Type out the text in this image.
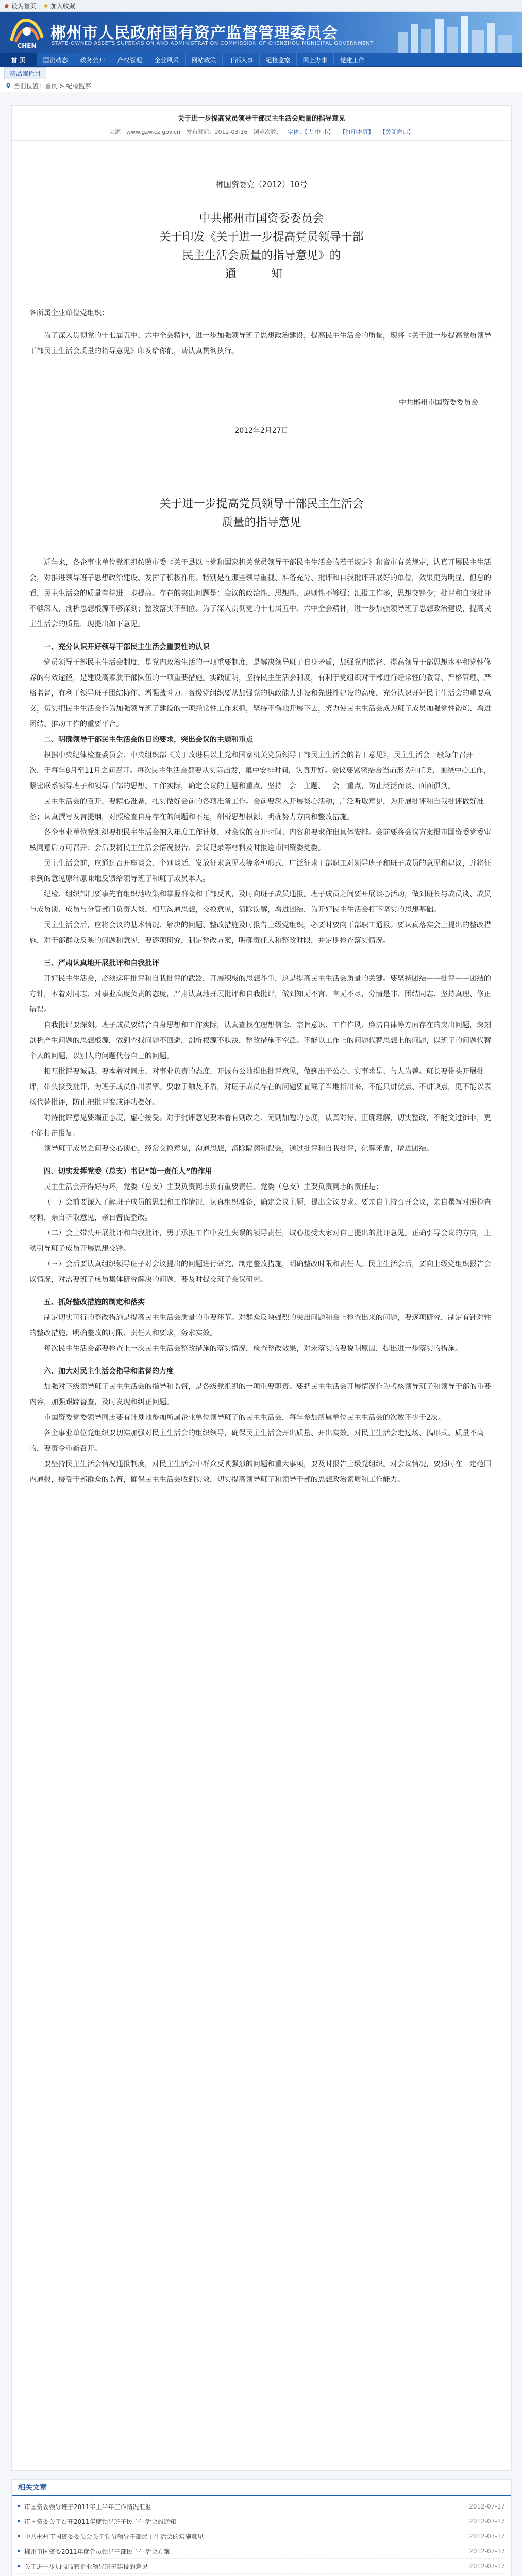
设为首页 加入收藏
CHEN
郴州市人民政府国有资产监督管理委员会
STATE-OWNED ASSETS SUPERVISION AND ADMINISTRATION COMMISSION OF CHENZHOU MUNICIPAL GOVERNMENT
首 页	国资动态	政务公开	产权管理	企业风采	网站政策	干部人事	纪检监察	网上办事	党建工作
精品案栏目
当前位置：首页 > 纪检监察
关于进一步提高党员领导干部民主生活会质量的指导意见
来源：www.gzw.cz.gov.cn 发布时间：2012-03-16 浏览次数： 字体：【大 中 小】 【打印本页】 【关闭窗口】
郴国资委党（2012）10号
中共郴州市国资委委员会
关于印发《关于进一步提高党员领导干部
民主生活会质量的指导意见》的
通 知

各所属企业单位党组织：

为了深入贯彻党的十七届五中、六中全会精神，进一步加强领导班子思想政治建设，提高民主生活会的质量，现将《关于进一步提高党员领导干部民主生活会质量的指导意见》印发给你们，请认真贯彻执行。

中共郴州市国资委委员会
2012年2月27日
关于进一步提高党员领导干部民主生活会
质量的指导意见

近年来，各企事业单位党组织按照市委《关于县以上党和国家机关党员领导干部民主生活会的若干规定》和省市有关规定，认真开展民主生活会，对推进领导班子思想政治建设、发挥了积极作用。特别是在那些领导重视、准备充分、批评和自我批评开展好的单位，效果更为明显，但总的看，民主生活会的质量有待进一步提高。存在的突出问题是：会议的政治性、思想性、原则性不够强；汇报工作多，思想交锋少；批评和自我批评不够深入，剖析思想根源不够深刻；整改落实不到位。为了深入贯彻党的十七届五中、六中全会精神，进一步加强领导班子思想政治建设，提高民主生活会的质量，现提出如下意见。

一、充分认识开好领导干部民主生活会重要性的认识

党员领导干部民主生活会制度，是党内政治生活的一项重要制度，是解决领导班子自身矛盾，加强党内监督、提高领导干部思想水平和党性修养的有效途径，是建设高素质干部队伍的一项重要措施。实践证明，坚持民主生活会制度，有利于党组织对干部进行经常性的教育、严格管理、严格监督，有利于领导班子团结协作、增强战斗力。各级党组织要从加强党的执政能力建设和先进性建设的高度，充分认识开好民主生活会的重要意义，切实把民主生活会作为加强领导班子建设的一项经常性工作来抓，坚持不懈地开展下去，努力使民主生活会成为班子成员加强党性锻炼、增进团结、推动工作的重要平台。

二、明确领导干部民主生活会的目的要求，突出会议的主题和重点

根据中央纪律检查委员会、中央组织部《关于改进县以上党和国家机关党员领导干部民主生活会的若干意见》，民主生活会一般每年召开一次，于每年8月至11月之间召开。每次民主生活会都要从实际出发，集中安排时间，认真开好。会议要紧密结合当前形势和任务，围绕中心工作，紧密联系领导班子和领导干部的思想、工作实际，确定会议的主题和重点，坚持一会一主题、一会一重点，防止泛泛而谈、面面俱到。

民主生活会的召开，要精心准备，扎实做好会前的各项准备工作。会前要深入开展谈心活动，广泛听取意见，为开展批评和自我批评做好准备；认真撰写发言提纲，对照检查自身存在的问题和不足，剖析思想根源，明确努力方向和整改措施。

各企事业单位党组织要把民主生活会纳入年度工作计划，对会议的召开时间、内容和要求作出具体安排。会前要将会议方案报市国资委党委审核同意后方可召开；会后要将民主生活会情况报告、会议记录等材料及时报送市国资委党委。

民主生活会前，应通过召开座谈会、个别谈话、发放征求意见表等多种形式，广泛征求干部职工对领导班子和班子成员的意见和建议，并将征求到的意见原汁原味地反馈给领导班子和班子成员本人。

纪检、组织部门要事先有组织地收集和掌握群众和干部反映，及时向班子成员通报。班子成员之间要开展谈心活动，做到班长与成员谈、成员与成员谈、成员与分管部门负责人谈，相互沟通思想，交换意见，消除误解，增进团结，为开好民主生活会打下坚实的思想基础。

民主生活会后，应将会议的基本情况、解决的问题、整改措施及时报告上级党组织，必要时要向干部职工通报。要认真落实会上提出的整改措施，对干部群众反映的问题和意见，要逐项研究，制定整改方案，明确责任人和整改时限，并定期检查落实情况。

三、严肃认真地开展批评和自我批评

开好民主生活会，必须运用批评和自我批评的武器，开展积极的思想斗争，这是提高民主生活会质量的关键。要坚持团结——批评——团结的方针，本着对同志、对事业高度负责的态度，严肃认真地开展批评和自我批评，做到知无不言、言无不尽，分清是非、团结同志、坚持真理、修正错误。

自我批评要深刻。班子成员要结合自身思想和工作实际，认真查找在理想信念、宗旨意识、工作作风、廉洁自律等方面存在的突出问题，深刻剖析产生问题的思想根源，做到查找问题不回避，剖析根源不肤浅，整改措施不空泛。不能以工作上的问题代替思想上的问题，以班子的问题代替个人的问题，以别人的问题代替自己的问题。

相互批评要诚恳。要本着对同志、对事业负责的态度，开诚布公地提出批评意见，做到出于公心、实事求是、与人为善。班长要带头开展批评，带头接受批评，为班子成员作出表率。要敢于触及矛盾，对班子成员存在的问题要直截了当地指出来，不能只讲优点、不讲缺点，更不能以表扬代替批评，防止把批评变成评功摆好。

对待批评意见要端正态度，虚心接受。对于批评意见要本着有则改之、无则加勉的态度，认真对待，正确理解，切实整改，不能文过饰非，更不能打击报复。

领导班子成员之间要交心谈心，经常交换意见，沟通思想，消除隔阂和误会，通过批评和自我批评，化解矛盾，增进团结。

四、切实发挥党委（总支）书记“第一责任人”的作用

民主生活会开得好与坏，党委（总支）主要负责同志负有重要责任。党委（总支）主要负责同志的责任是：

（一）会前要深入了解班子成员的思想和工作情况，认真组织准备，确定会议主题，提出会议要求。要亲自主持召开会议，亲自撰写对照检查材料，亲自听取意见，亲自督促整改。

（二）会上带头开展批评和自我批评，勇于承担工作中发生失误的领导责任，诚心接受大家对自己提出的批评意见。正确引导会议的方向，主动引导班子成员开展思想交锋。

（三）会后要认真组织领导班子对会议提出的问题进行研究，制定整改措施，明确整改时限和责任人。民主生活会后，要向上级党组织报告会议情况，对需要班子成员集体研究解决的问题，要及时提交班子会议研究。

五、抓好整改措施的制定和落实

制定切实可行的整改措施是提高民主生活会质量的重要环节。对群众反映强烈的突出问题和会上检查出来的问题，要逐项研究，制定有针对性的整改措施，明确整改的时限、责任人和要求，务求实效。

每次民主生活会都要检查上一次民主生活会整改措施的落实情况，检查整改效果，对未落实的要说明原因，提出进一步落实的措施。

六、加大对民主生活会指导和监督的力度

加强对下级领导班子民主生活会的指导和监督，是各级党组织的一项重要职责。要把民主生活会开展情况作为考核领导班子和领导干部的重要内容，加强跟踪督查，及时发现和纠正问题。

市国资委党委领导同志要有计划地参加所属企业单位领导班子的民主生活会，每年参加所属单位民主生活会的次数不少于2次。

各企事业单位党组织要切实加强对民主生活会的组织领导，确保民主生活会开出质量、开出实效。对民主生活会走过场、搞形式、质量不高的，要责令重新召开。

要坚持民主生活会情况通报制度，对民主生活会中群众反映强烈的问题和重大事项，要及时报告上级党组织。对会议情况，要适时在一定范围内通报，接受干部群众的监督，确保民主生活会收到实效，切实提高领导班子和领导干部的思想政治素质和工作能力。

相关文章
市国资委领导班子2011年上半年工作情况汇报	2012-07-17
市国资委关于召开2011年度领导班子民主生活会的通知	2012-07-17
中共郴州市国资委委员会关于党员领导干部民主生活会的实施意见	2012-07-17
郴州市国资委2011年度党员领导干部民主生活会方案	2012-07-17
关于进一步加强监管企业领导班子建设的意见	2012-07-17
